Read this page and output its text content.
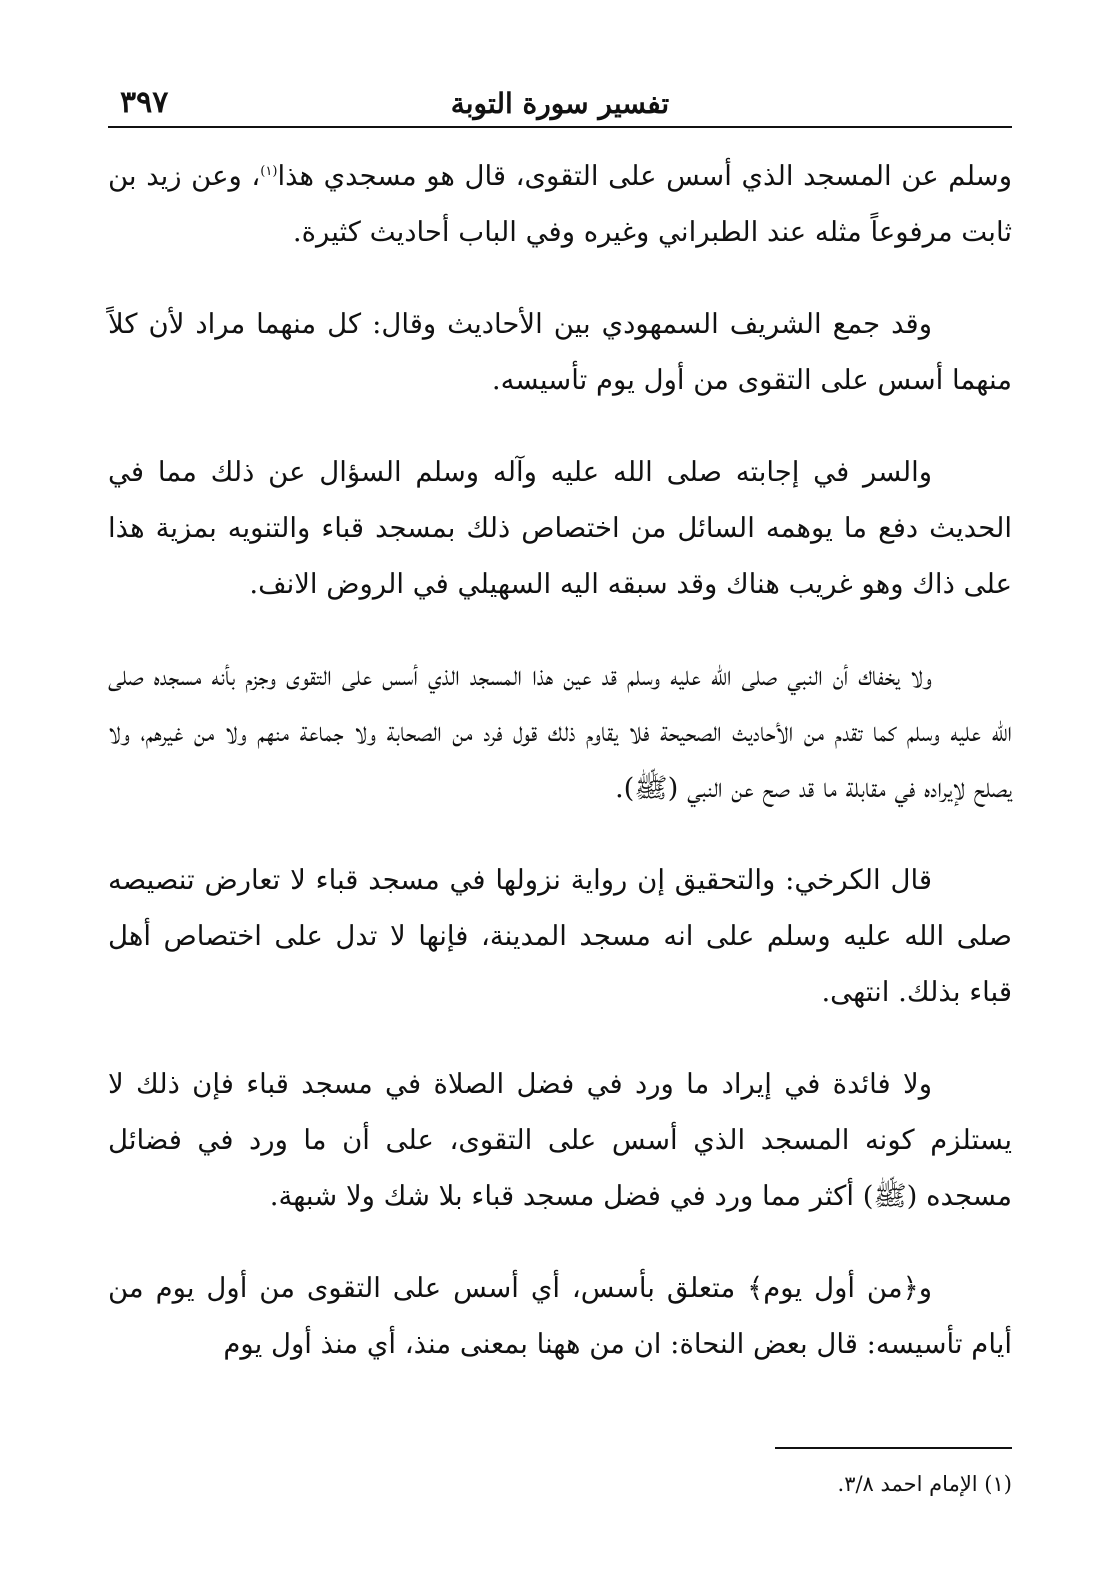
٣٩٧	تفسير سورة التوبة

وسلم عن المسجد الذي أسس على التقوى، قال هو مسجدي هذا$^{(١)}$، وعن زيد بن ثابت مرفوعاً مثله عند الطبراني وغيره وفي الباب أحاديث كثيرة.

وقد جمع الشريف السمهودي بين الأحاديث وقال: كل منهما مراد لأن كلاً منهما أسس على التقوى من أول يوم تأسيسه.

والسر في إجابته صلى الله عليه وآله وسلم السؤال عن ذلك مما في الحديث دفع ما يوهمه السائل من اختصاص ذلك بمسجد قباء والتنويه بمزية هذا على ذاك وهو غريب هناك وقد سبقه اليه السهيلي في الروض الانف.

ولا يخفاك أن النبي صلى الله عليه وسلم قد عين هذا المسجد الذي أسس على التقوى وجزم بأنه مسجده صلى الله عليه وسلم كما تقدم من الأحاديث الصحيحة فلا يقاوم ذلك قول فرد من الصحابة ولا جماعة منهم ولا من غيرهم، ولا يصلح لإيراده في مقابلة ما قد صح عن النبي (ﷺ).

قال الكرخي: والتحقيق إن رواية نزولها في مسجد قباء لا تعارض تنصيصه صلى الله عليه وسلم على انه مسجد المدينة، فإنها لا تدل على اختصاص أهل قباء بذلك. انتهى.

ولا فائدة في إيراد ما ورد في فضل الصلاة في مسجد قباء فإن ذلك لا يستلزم كونه المسجد الذي أسس على التقوى، على أن ما ورد في فضائل مسجده (ﷺ) أكثر مما ورد في فضل مسجد قباء بلا شك ولا شبهة.

و﴿من أول يوم﴾ متعلق بأسس، أي أسس على التقوى من أول يوم من أيام تأسيسه: قال بعض النحاة: ان من ههنا بمعنى منذ، أي منذ أول يوم

(١) الإمام احمد ٣/٨.
